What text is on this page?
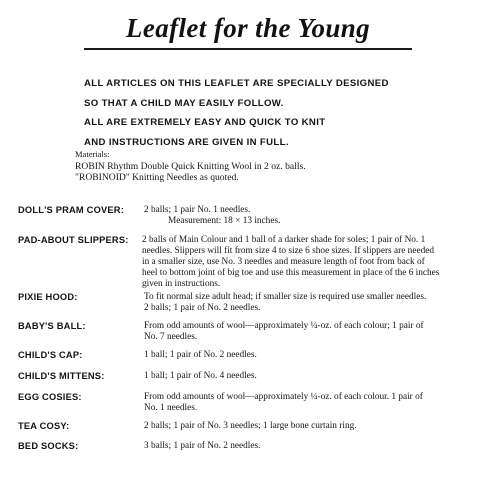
Leaflet for the Young
ALL ARTICLES ON THIS LEAFLET ARE SPECIALLY DESIGNED
SO THAT A CHILD MAY EASILY FOLLOW.
ALL ARE EXTREMELY EASY AND QUICK TO KNIT
AND INSTRUCTIONS ARE GIVEN IN FULL.
Materials:
ROBIN Rhythm Double Quick Knitting Wool in 2 oz. balls.
"ROBINOID" Knitting Needles as quoted.
DOLL'S PRAM COVER:	2 balls; 1 pair No. 1 needles.
Measurement: 18 × 13 inches.
PAD-ABOUT SLIPPERS:	2 balls of Main Colour and 1 ball of a darker shade for soles; 1 pair of No. 1
needles. Slippers will fit from size 4 to size 6 shoe sizes. If slippers are needed
in a smaller size, use No. 3 needles and measure length of foot from back of
heel to bottom joint of big toe and use this measurement in place of the 6 inches
given in instructions.
PIXIE HOOD:	To fit normal size adult head; if smaller size is required use smaller needles.
2 balls; 1 pair of No. 2 needles.
BABY'S BALL:	From odd amounts of wool—approximately ¼-oz. of each colour; 1 pair of
No. 7 needles.
CHILD'S CAP:	1 ball; 1 pair of No. 2 needles.
CHILD'S MITTENS:	1 ball; 1 pair of No. 4 needles.
EGG COSIES:	From odd amounts of wool—approximately ¼-oz. of each colour. 1 pair of
No. 1 needles.
TEA COSY:	2 balls; 1 pair of No. 3 needles; 1 large bone curtain ring.
BED SOCKS:	3 balls; 1 pair of No. 2 needles.
